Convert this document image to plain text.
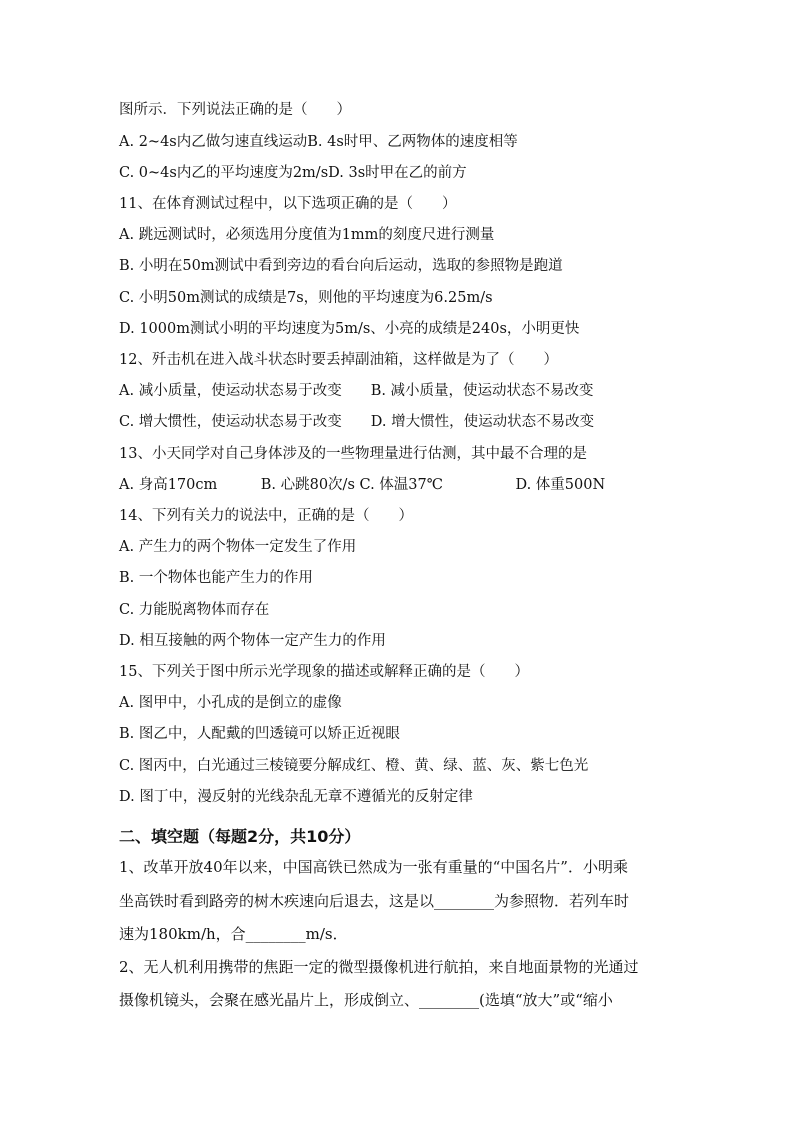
图所示．下列说法正确的是（　　）
A. 2~4s内乙做匀速直线运动B. 4s时甲、乙两物体的速度相等
C. 0~4s内乙的平均速度为2m/sD. 3s时甲在乙的前方
11、在体育测试过程中，以下选项正确的是（　　）
A. 跳远测试时，必须选用分度值为1mm的刻度尺进行测量
B. 小明在50m测试中看到旁边的看台向后运动，选取的参照物是跑道
C. 小明50m测试的成绩是7s，则他的平均速度为6.25m/s
D. 1000m测试小明的平均速度为5m/s、小亮的成绩是240s，小明更快
12、歼击机在进入战斗状态时要丢掉副油箱，这样做是为了（　　）
A. 减小质量，使运动状态易于改变　　B. 减小质量，使运动状态不易改变
C. 增大惯性，使运动状态易于改变　　D. 增大惯性，使运动状态不易改变
13、小天同学对自己身体涉及的一些物理量进行估测，其中最不合理的是
A. 身高170cm　　　B. 心跳80次/s C. 体温37℃　　　　　D. 体重500N
14、下列有关力的说法中，正确的是（　　）
A. 产生力的两个物体一定发生了作用
B. 一个物体也能产生力的作用
C. 力能脱离物体而存在
D. 相互接触的两个物体一定产生力的作用
15、下列关于图中所示光学现象的描述或解释正确的是（　　）
A. 图甲中，小孔成的是倒立的虚像
B. 图乙中，人配戴的凹透镜可以矫正近视眼
C. 图丙中，白光通过三棱镜要分解成红、橙、黄、绿、蓝、灰、紫七色光
D. 图丁中，漫反射的光线杂乱无章不遵循光的反射定律
1、改革开放40年以来，中国高铁已然成为一张有重量的“中国名片”．小明乘
坐高铁时看到路旁的树木疾速向后退去，这是以________为参照物．若列车时
速为180km/h，合________m/s．
2、无人机利用携带的焦距一定的微型摄像机进行航拍，来自地面景物的光通过
摄像机镜头，会聚在感光晶片上，形成倒立、________(选填“放大”或“缩小
二、填空题（每题2分，共10分）
